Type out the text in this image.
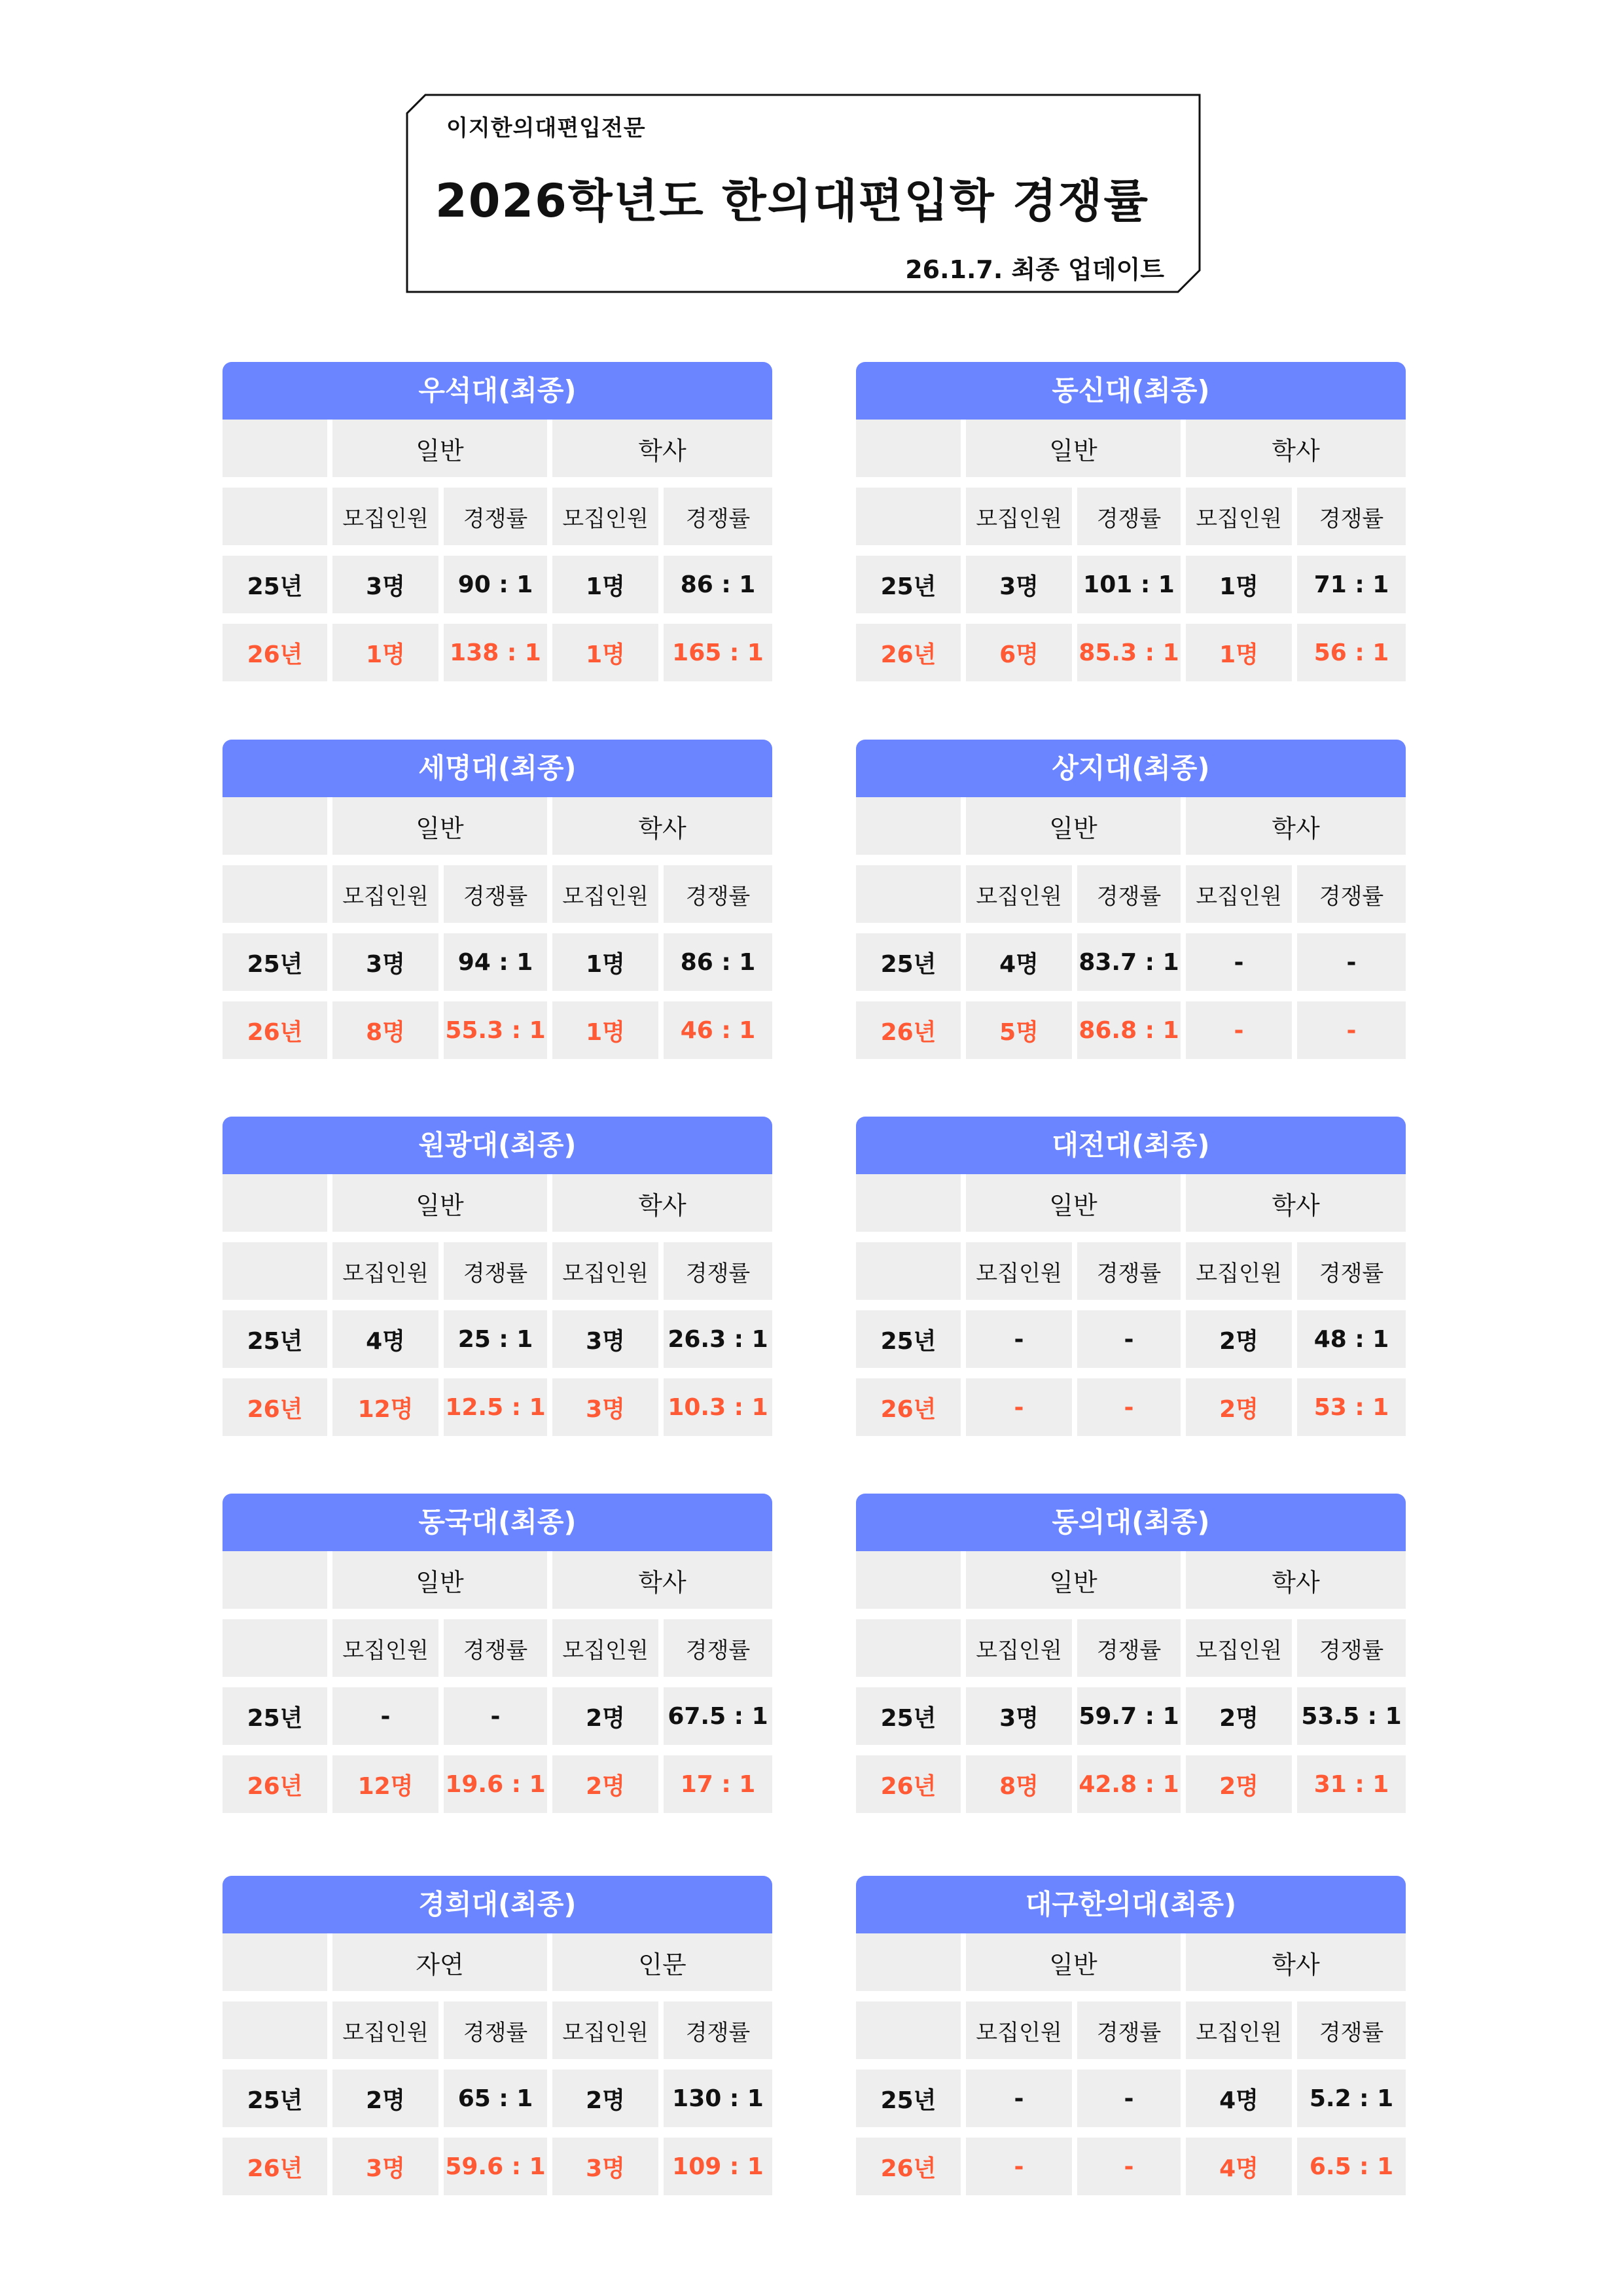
이지한의대편입전문
2026학년도 한의대편입학 경쟁률
26.1.7. 최종 업데이트
우석대(최종)
일반	학사
모집인원	경쟁률	모집인원	경쟁률
25년	3명	90 : 1	1명	86 : 1
26년	1명	138 : 1	1명	165 : 1
동신대(최종)
일반	학사
모집인원	경쟁률	모집인원	경쟁률
25년	3명	101 : 1	1명	71 : 1
26년	6명	85.3 : 1	1명	56 : 1
세명대(최종)
일반	학사
모집인원	경쟁률	모집인원	경쟁률
25년	3명	94 : 1	1명	86 : 1
26년	8명	55.3 : 1	1명	46 : 1
상지대(최종)
일반	학사
모집인원	경쟁률	모집인원	경쟁률
25년	4명	83.7 : 1	-	-
26년	5명	86.8 : 1	-	-
원광대(최종)
일반	학사
모집인원	경쟁률	모집인원	경쟁률
25년	4명	25 : 1	3명	26.3 : 1
26년	12명	12.5 : 1	3명	10.3 : 1
대전대(최종)
일반	학사
모집인원	경쟁률	모집인원	경쟁률
25년	-	-	2명	48 : 1
26년	-	-	2명	53 : 1
동국대(최종)
일반	학사
모집인원	경쟁률	모집인원	경쟁률
25년	-	-	2명	67.5 : 1
26년	12명	19.6 : 1	2명	17 : 1
동의대(최종)
일반	학사
모집인원	경쟁률	모집인원	경쟁률
25년	3명	59.7 : 1	2명	53.5 : 1
26년	8명	42.8 : 1	2명	31 : 1
경희대(최종)
자연	인문
모집인원	경쟁률	모집인원	경쟁률
25년	2명	65 : 1	2명	130 : 1
26년	3명	59.6 : 1	3명	109 : 1
대구한의대(최종)
일반	학사
모집인원	경쟁률	모집인원	경쟁률
25년	-	-	4명	5.2 : 1
26년	-	-	4명	6.5 : 1
